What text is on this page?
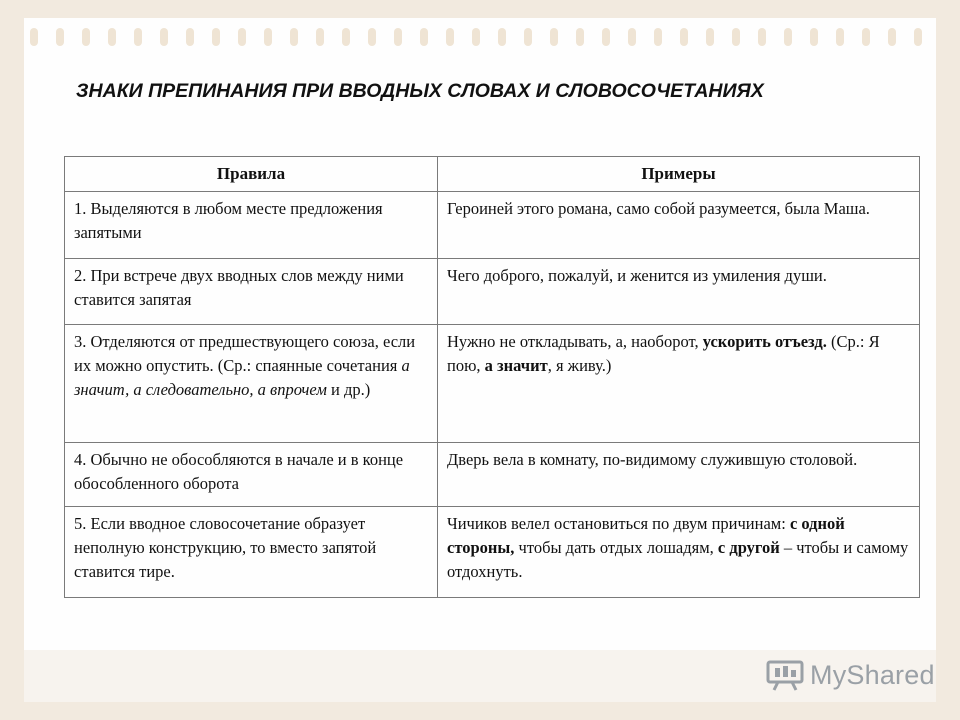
ЗНАКИ ПРЕПИНАНИЯ ПРИ ВВОДНЫХ СЛОВАХ И СЛОВОСОЧЕТАНИЯХ
Правила	Примеры
1. Выделяются в любом месте предложения запятыми	Героиней этого романа, само собой разумеется, была Маша.
2. При встрече двух вводных слов между ними ставится запятая	Чего доброго, пожалуй, и женится из умиления души.
3. Отделяются от предшествующего союза, если их можно опустить. (Ср.: спаянные сочетания а значит, а следовательно, а впрочем и др.)	Нужно не откладывать, а, наоборот, ускорить отъезд. (Ср.: Я пою, а значит, я живу.)
4. Обычно не обособляются в начале и в конце обособленного оборота	Дверь вела в комнату, по-видимому служившую столовой.
5. Если вводное словосочетание образует неполную конструкцию, то вместо запятой ставится тире.	Чичиков велел остановиться по двум причинам: с одной стороны, чтобы дать отдых лошадям, с другой – чтобы и самому отдохнуть.
MyShared
